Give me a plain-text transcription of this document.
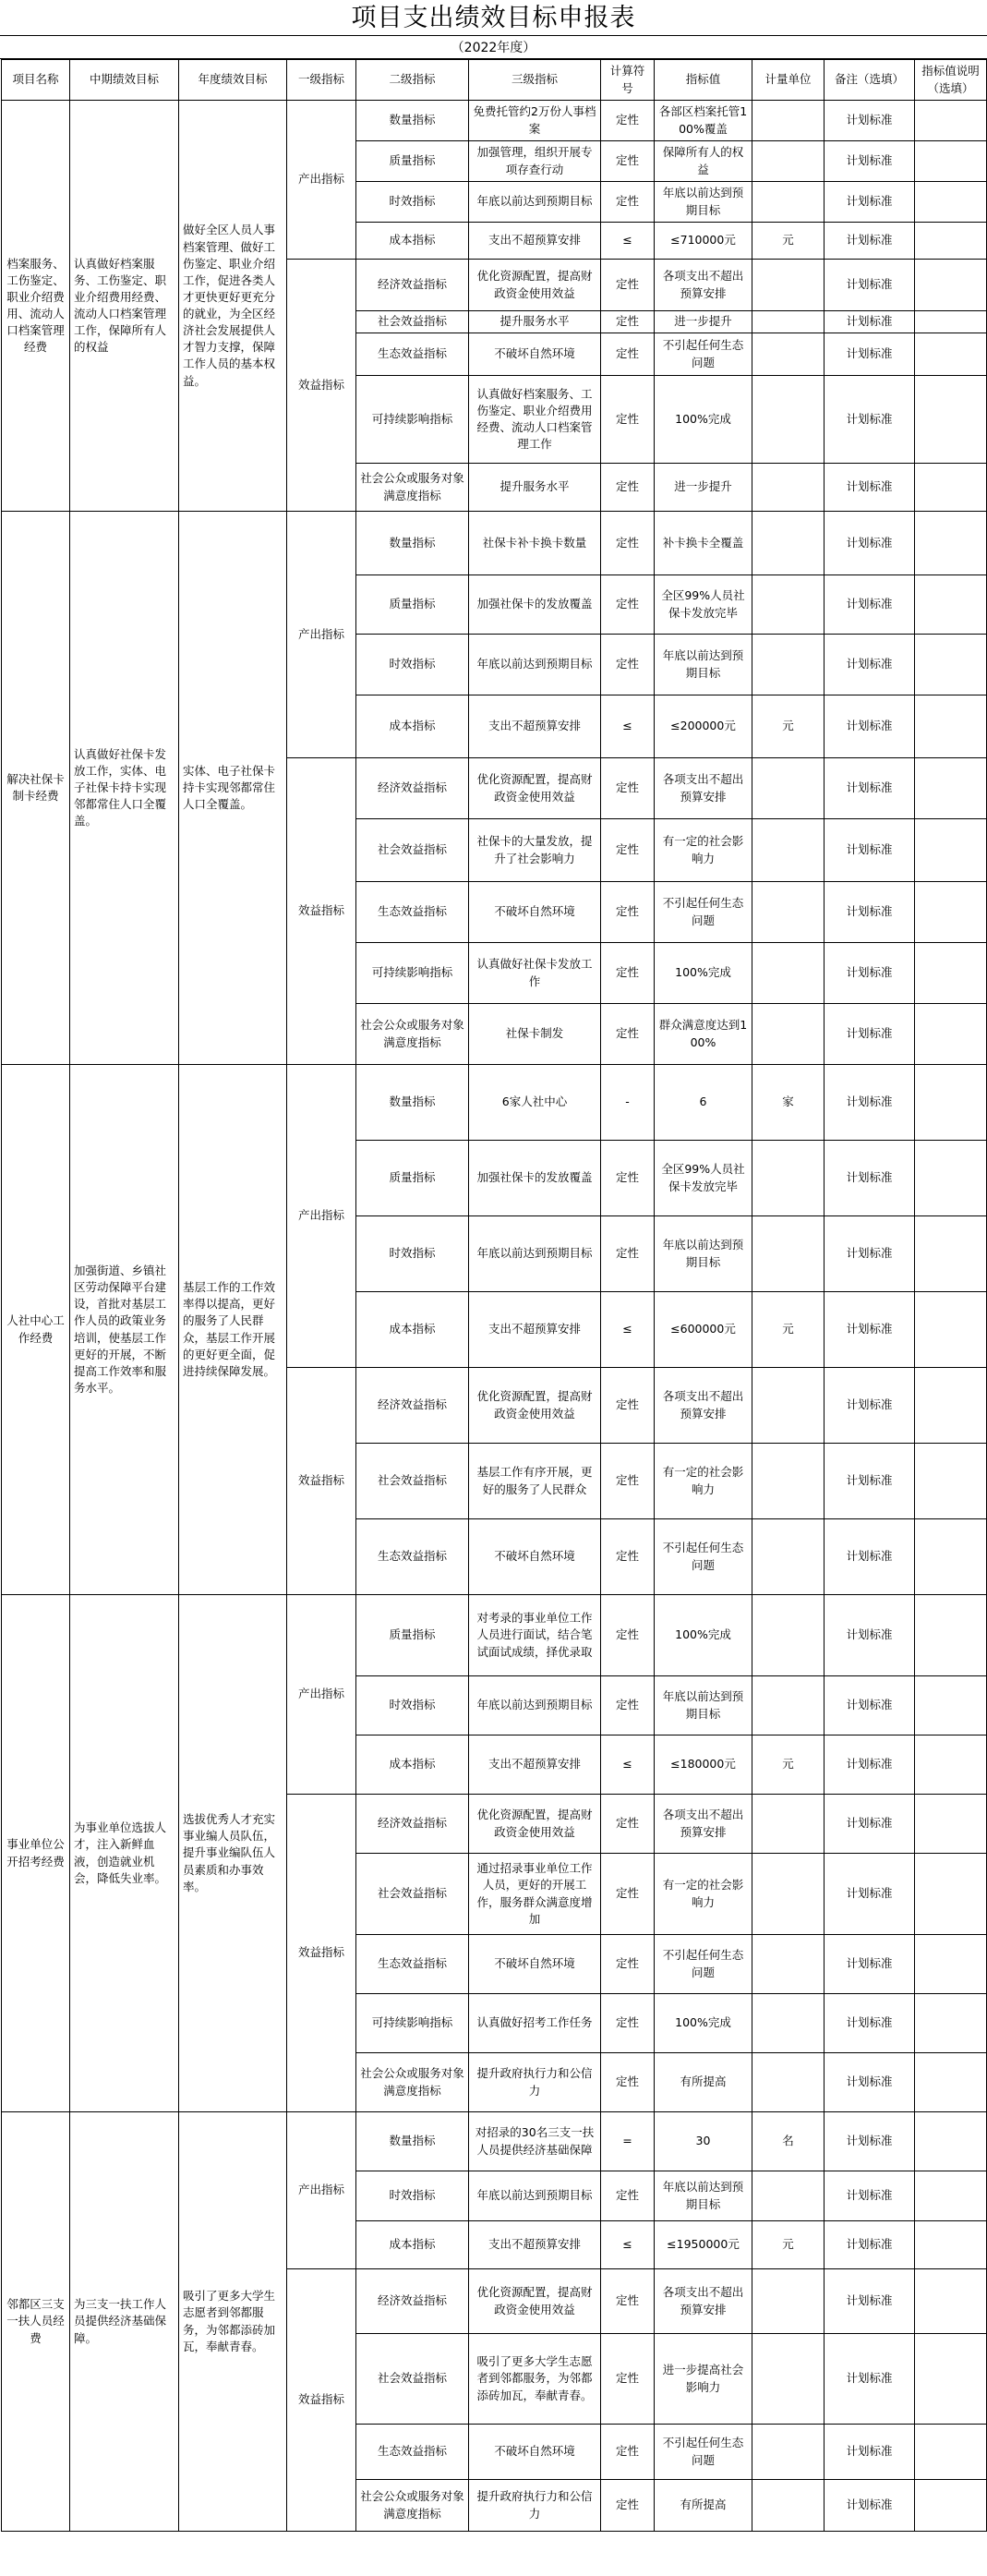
项目支出绩效目标申报表
（2022年度）
项目名称	中期绩效目标	年度绩效目标	一级指标	二级指标	三级指标	计算符号	指标值	计量单位	备注（选填）	指标值说明（选填）
档案服务、工伤鉴定、职业介绍费用、流动人口档案管理经费	认真做好档案服务、工伤鉴定、职业介绍费用经费、流动人口档案管理工作，保障所有人的权益	做好全区人员人事档案管理、做好工伤鉴定、职业介绍工作，促进各类人才更快更好更充分的就业，为全区经济社会发展提供人才智力支撑，保障工作人员的基本权益。	产出指标	数量指标	免费托管约2万份人事档案	定性	各部区档案托管100%覆盖		计划标准	
				质量指标	加强管理，组织开展专项存查行动	定性	保障所有人的权益		计划标准	
				时效指标	年底以前达到预期目标	定性	年底以前达到预期目标		计划标准	
				成本指标	支出不超预算安排	≤	≤710000元	元	计划标准	
			效益指标	经济效益指标	优化资源配置，提高财政资金使用效益	定性	各项支出不超出预算安排		计划标准	
				社会效益指标	提升服务水平	定性	进一步提升		计划标准	
				生态效益指标	不破坏自然环境	定性	不引起任何生态问题		计划标准	
				可持续影响指标	认真做好档案服务、工伤鉴定、职业介绍费用经费、流动人口档案管理工作	定性	100%完成		计划标准	
				社会公众或服务对象满意度指标	提升服务水平	定性	进一步提升		计划标准	
解决社保卡制卡经费	认真做好社保卡发放工作，实体、电子社保卡持卡实现邻都常住人口全覆盖。	实体、电子社保卡持卡实现邻都常住人口全覆盖。	产出指标	数量指标	社保卡补卡换卡数量	定性	补卡换卡全覆盖		计划标准	
				质量指标	加强社保卡的发放覆盖	定性	全区99%人员社保卡发放完毕		计划标准	
				时效指标	年底以前达到预期目标	定性	年底以前达到预期目标		计划标准	
				成本指标	支出不超预算安排	≤	≤200000元	元	计划标准	
			效益指标	经济效益指标	优化资源配置，提高财政资金使用效益	定性	各项支出不超出预算安排		计划标准	
				社会效益指标	社保卡的大量发放，提升了社会影响力	定性	有一定的社会影响力		计划标准	
				生态效益指标	不破坏自然环境	定性	不引起任何生态问题		计划标准	
				可持续影响指标	认真做好社保卡发放工作	定性	100%完成		计划标准	
				社会公众或服务对象满意度指标	社保卡制发	定性	群众满意度达到100%		计划标准	
人社中心工作经费	加强街道、乡镇社区劳动保障平台建设，首批对基层工作人员的政策业务培训，使基层工作更好的开展，不断提高工作效率和服务水平。	基层工作的工作效率得以提高，更好的服务了人民群众，基层工作开展的更好更全面，促进持续保障发展。	产出指标	数量指标	6家人社中心	-	6	家	计划标准	
				质量指标	加强社保卡的发放覆盖	定性	全区99%人员社保卡发放完毕		计划标准	
				时效指标	年底以前达到预期目标	定性	年底以前达到预期目标		计划标准	
				成本指标	支出不超预算安排	≤	≤600000元	元	计划标准	
			效益指标	经济效益指标	优化资源配置，提高财政资金使用效益	定性	各项支出不超出预算安排		计划标准	
				社会效益指标	基层工作有序开展，更好的服务了人民群众	定性	有一定的社会影响力		计划标准	
				生态效益指标	不破坏自然环境	定性	不引起任何生态问题		计划标准	
事业单位公开招考经费	为事业单位选拔人才，注入新鲜血液，创造就业机会，降低失业率。	选拔优秀人才充实事业编人员队伍，提升事业编队伍人员素质和办事效率。	产出指标	质量指标	对考录的事业单位工作人员进行面试，结合笔试面试成绩，择优录取	定性	100%完成		计划标准	
				时效指标	年底以前达到预期目标	定性	年底以前达到预期目标		计划标准	
				成本指标	支出不超预算安排	≤	≤180000元	元	计划标准	
			效益指标	经济效益指标	优化资源配置，提高财政资金使用效益	定性	各项支出不超出预算安排		计划标准	
				社会效益指标	通过招录事业单位工作人员，更好的开展工作，服务群众满意度增加	定性	有一定的社会影响力		计划标准	
				生态效益指标	不破坏自然环境	定性	不引起任何生态问题		计划标准	
				可持续影响指标	认真做好招考工作任务	定性	100%完成		计划标准	
				社会公众或服务对象满意度指标	提升政府执行力和公信力	定性	有所提高		计划标准	
邻都区三支一扶人员经费	为三支一扶工作人员提供经济基础保障。	吸引了更多大学生志愿者到邻都服务，为邻都添砖加瓦，奉献青春。	产出指标	数量指标	对招录的30名三支一扶人员提供经济基础保障	=	30	名	计划标准	
				时效指标	年底以前达到预期目标	定性	年底以前达到预期目标		计划标准	
				成本指标	支出不超预算安排	≤	≤1950000元	元	计划标准	
			效益指标	经济效益指标	优化资源配置，提高财政资金使用效益	定性	各项支出不超出预算安排		计划标准	
				社会效益指标	吸引了更多大学生志愿者到邻都服务，为邻都添砖加瓦，奉献青春。	定性	进一步提高社会影响力		计划标准	
				生态效益指标	不破坏自然环境	定性	不引起任何生态问题		计划标准	
				社会公众或服务对象满意度指标	提升政府执行力和公信力	定性	有所提高		计划标准	
